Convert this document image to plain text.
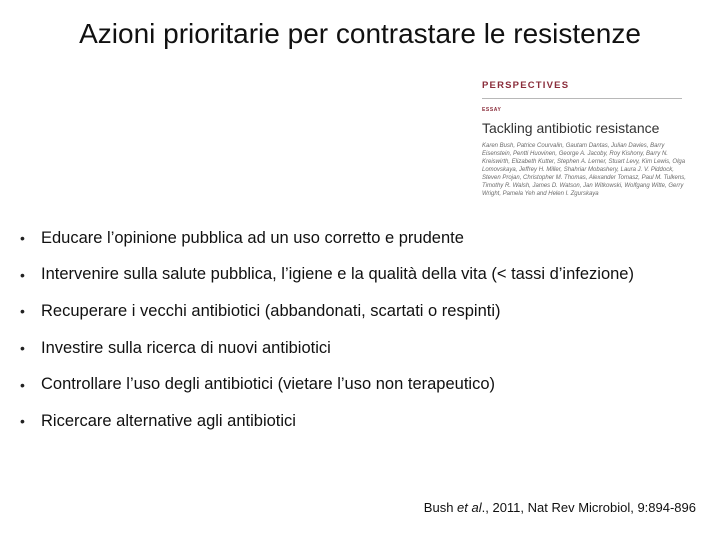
Azioni prioritarie per contrastare le resistenze
PERSPECTIVES
ESSAY
Tackling antibiotic resistance
Karen Bush, Patrice Courvalin, Gautam Dantas, Julian Davies, Barry Eisenstein, Pentti Huovinen, George A. Jacoby, Roy Kishony, Barry N. Kreiswirth, Elizabeth Kutter, Stephen A. Lerner, Stuart Levy, Kim Lewis, Olga Lomovskaya, Jeffrey H. Miller, Shahriar Mobashery, Laura J. V. Piddock, Steven Projan, Christopher M. Thomas, Alexander Tomasz, Paul M. Tulkens, Timothy R. Walsh, James D. Watson, Jan Witkowski, Wolfgang Witte, Gerry Wright, Pamela Yeh and Helen I. Zgurskaya
• Educare l’opinione pubblica ad un uso corretto e prudente
• Intervenire sulla salute pubblica, l’igiene e la qualità della vita (< tassi d’infezione)
• Recuperare i vecchi antibiotici (abbandonati, scartati o respinti)
• Investire sulla ricerca di nuovi antibiotici
• Controllare l’uso degli antibiotici (vietare l’uso non terapeutico)
• Ricercare alternative agli antibiotici
Bush et al., 2011, Nat Rev Microbiol, 9:894-896
